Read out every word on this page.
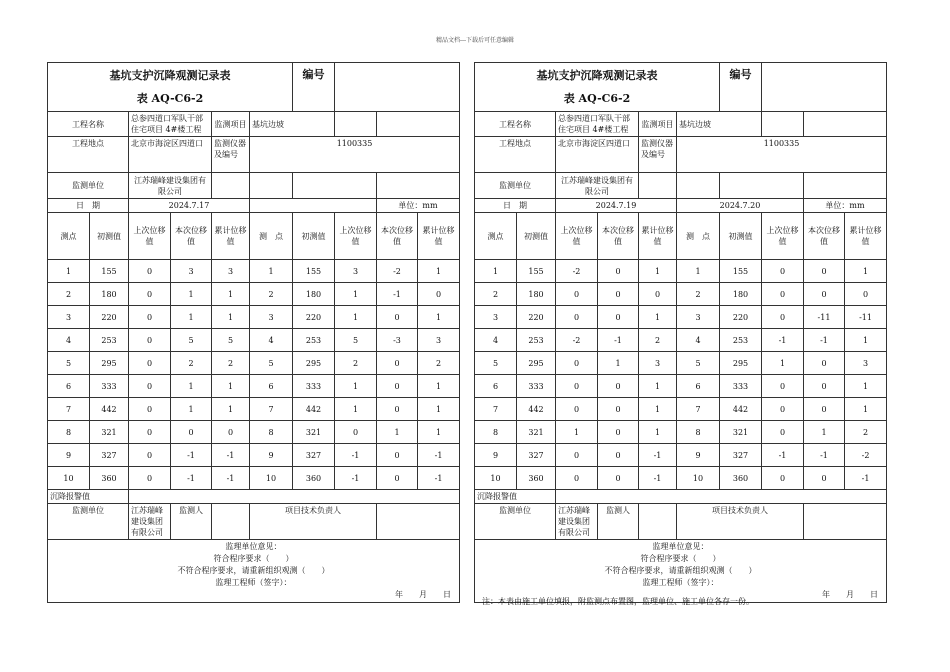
精品文档---下载后可任意编辑
基坑支护沉降观测记录表
表 AQ-C6-2						编号			

工程名称		总参四道口军队干部住宅项目 4#楼工程		监测项目	基坑边坡				
工程地点		北京市海淀区四道口		监测仪器及编号	1100335				
监测单位		江苏瑞峰建设集团有限公司							
日　期		2024.7.17						单位：mm	
测点	初测值	上次位移值	本次位移值	累计位移值	测　点	初测值	上次位移值	本次位移值	累计位移值
1	155	0	3	3	1	155	3	-2	1
2	180	0	1	1	2	180	1	-1	0
3	220	0	1	1	3	220	1	0	1
4	253	0	5	5	4	253	5	-3	3
5	295	0	2	2	5	295	2	0	2
6	333	0	1	1	6	333	1	0	1
7	442	0	1	1	7	442	1	0	1
8	321	0	0	0	8	321	0	1	1
9	327	0	-1	-1	9	327	-1	0	-1
10	360	0	-1	-1	10	360	-1	0	-1
沉降报警值									
监测单位		江苏瑞峰建设集团有限公司	监测人		项目技术负责人				

监理单位意见：
符合程序要求（　　）
不符合程序要求，请重新组织观测（　　）
监理工程师（签字）：
年　　月　　日									
基坑支护沉降观测记录表
表 AQ-C6-2						编号			

工程名称		总参四道口军队干部住宅项目 4#楼工程		监测项目	基坑边坡				
工程地点		北京市海淀区四道口		监测仪器及编号	1100335				
监测单位		江苏瑞峰建设集团有限公司							
日　期		2024.7.19			2024.7.20			单位：mm	
测点	初测值	上次位移值	本次位移值	累计位移值	测　点	初测值	上次位移值	本次位移值	累计位移值
1	155	-2	0	1	1	155	0	0	1
2	180	0	0	0	2	180	0	0	0
3	220	0	0	1	3	220	0	-11	-11
4	253	-2	-1	2	4	253	-1	-1	1
5	295	0	1	3	5	295	1	0	3
6	333	0	0	1	6	333	0	0	1
7	442	0	0	1	7	442	0	0	1
8	321	1	0	1	8	321	0	1	2
9	327	0	0	-1	9	327	-1	-1	-2
10	360	0	0	-1	10	360	0	0	-1
沉降报警值									
监测单位		江苏瑞峰建设集团有限公司	监测人		项目技术负责人				

监理单位意见：
符合程序要求（　　）
不符合程序要求，请重新组织观测（　　）
监理工程师（签字）：
年　　月　　日									
注：本表由施工单位填报，附监测点布置图，监理单位、施工单位各存一份。
